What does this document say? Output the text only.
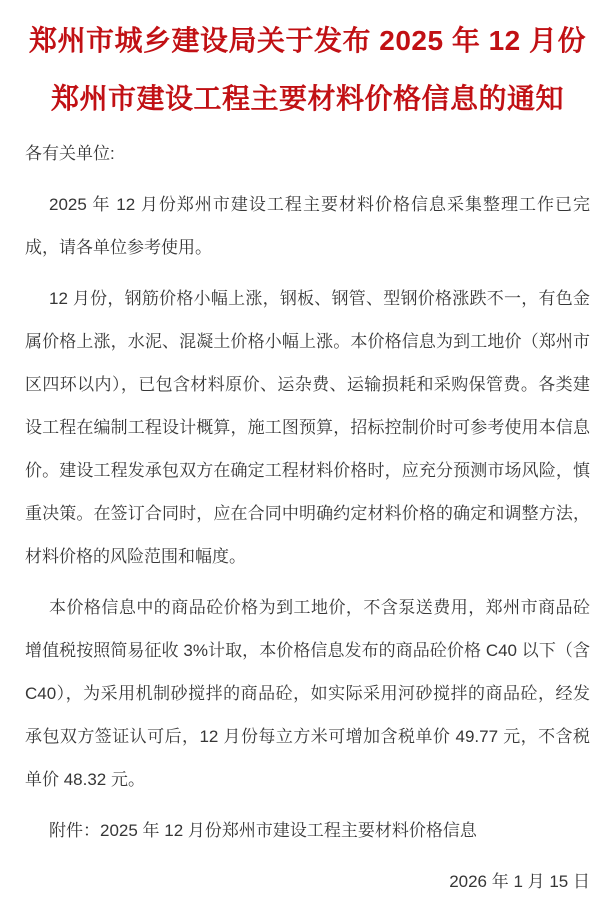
郑州市城乡建设局关于发布 2025 年 12 月份
郑州市建设工程主要材料价格信息的通知
各有关单位:

2025 年 12 月份郑州市建设工程主要材料价格信息采集整理工作已完成，请各单位参考使用。

12 月份，钢筋价格小幅上涨，钢板、钢管、型钢价格涨跌不一，有色金属价格上涨，水泥、混凝土价格小幅上涨。本价格信息为到工地价（郑州市区四环以内），已包含材料原价、运杂费、运输损耗和采购保管费。各类建设工程在编制工程设计概算，施工图预算，招标控制价时可参考使用本信息价。建设工程发承包双方在确定工程材料价格时，应充分预测市场风险，慎重决策。在签订合同时，应在合同中明确约定材料价格的确定和调整方法，材料价格的风险范围和幅度。

本价格信息中的商品砼价格为到工地价，不含泵送费用，郑州市商品砼增值税按照简易征收 3%计取，本价格信息发布的商品砼价格 C40 以下（含 C40），为采用机制砂搅拌的商品砼，如实际采用河砂搅拌的商品砼，经发承包双方签证认可后，12 月份每立方米可增加含税单价 49.77 元，不含税单价 48.32 元。

附件：2025 年 12 月份郑州市建设工程主要材料价格信息
2026 年 1 月 15 日
